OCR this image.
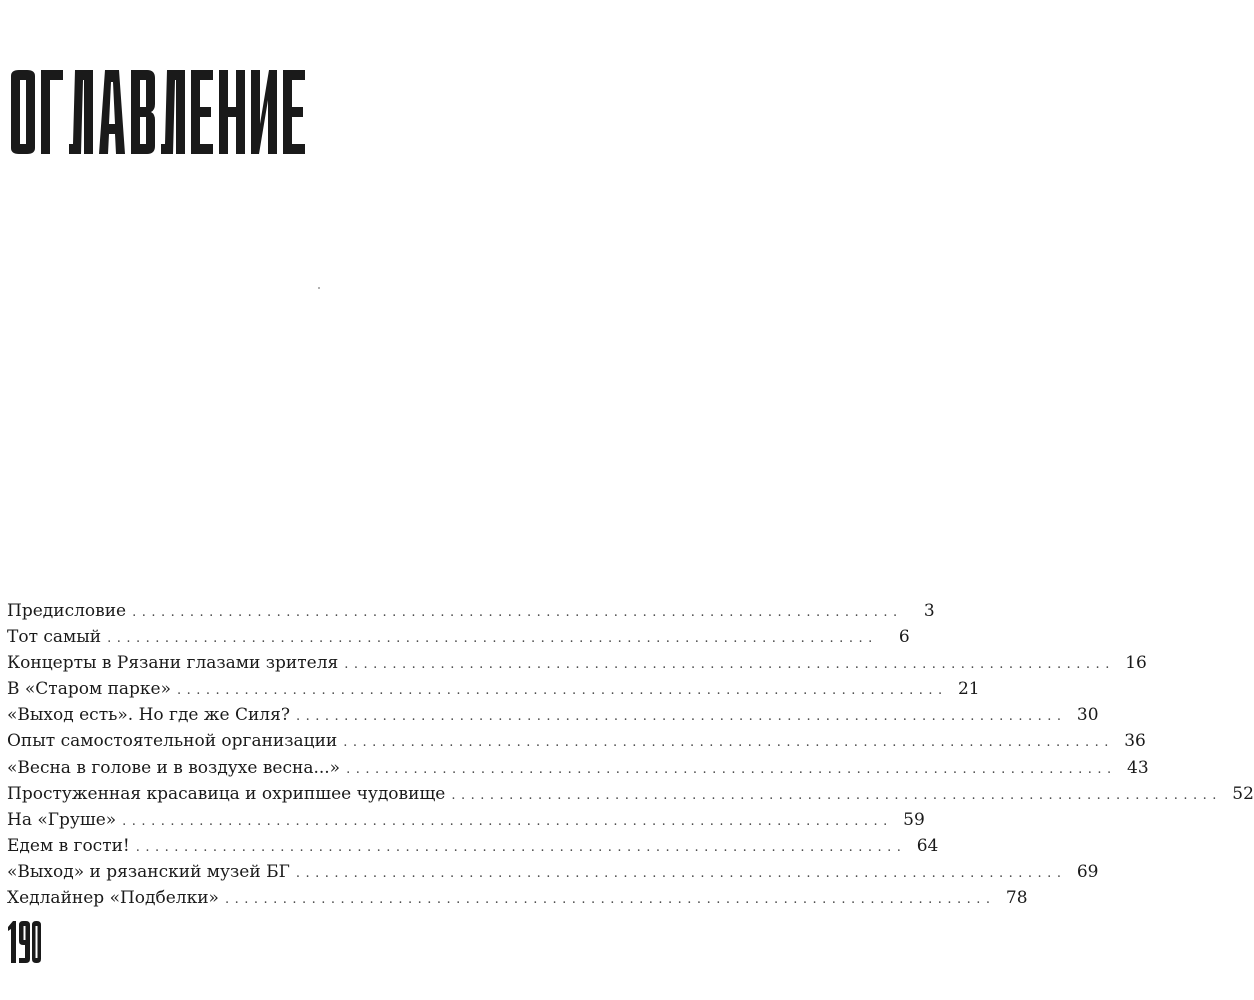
Предисловие ................................................................................	3
Тот самый ................................................................................	6
Концерты в Рязани глазами зрителя ................................................................................ 16
В «Старом парке» ................................................................................ 21
«Выход есть». Но где же Силя? ................................................................................ 30
Опыт самостоятельной организации ................................................................................ 36
«Весна в голове и в воздухе весна...» ................................................................................ 43
Простуженная красавица и охрипшее чудовище ................................................................................ 52
На «Груше» ................................................................................ 59
Едем в гости! ................................................................................ 64
«Выход» и рязанский музей БГ ................................................................................ 69
Хедлайнер «Подбелки» ................................................................................ 78
